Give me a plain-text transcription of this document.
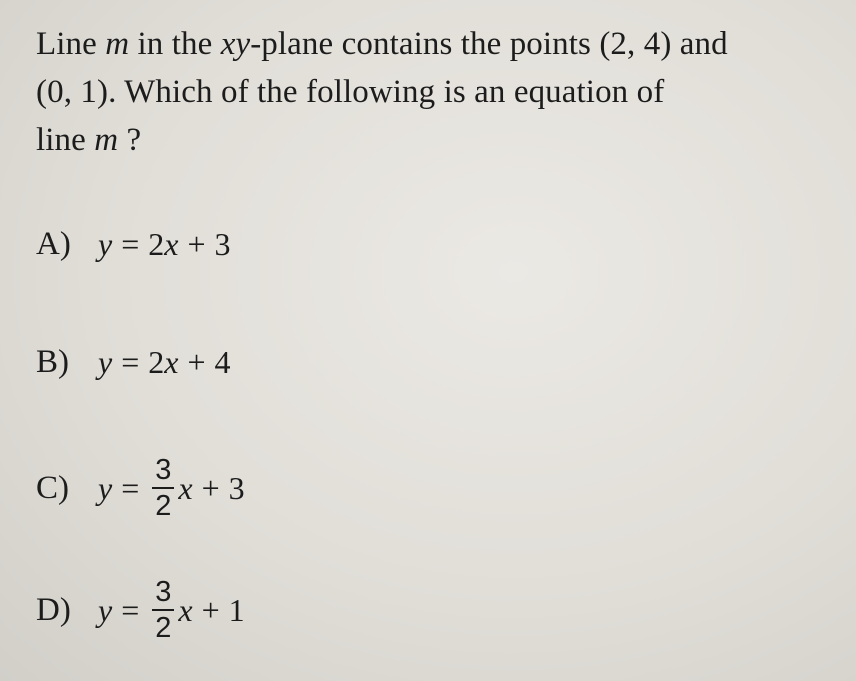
Line m in the xy-plane contains the points (2, 4) and
(0, 1). Which of the following is an equation of
line m ?
A) y = 2 x + 3
B) y = 2 x + 4
C) $y = \frac{3}{2}$ x + 3
D) $y = \frac{3}{2}$ x + 1
